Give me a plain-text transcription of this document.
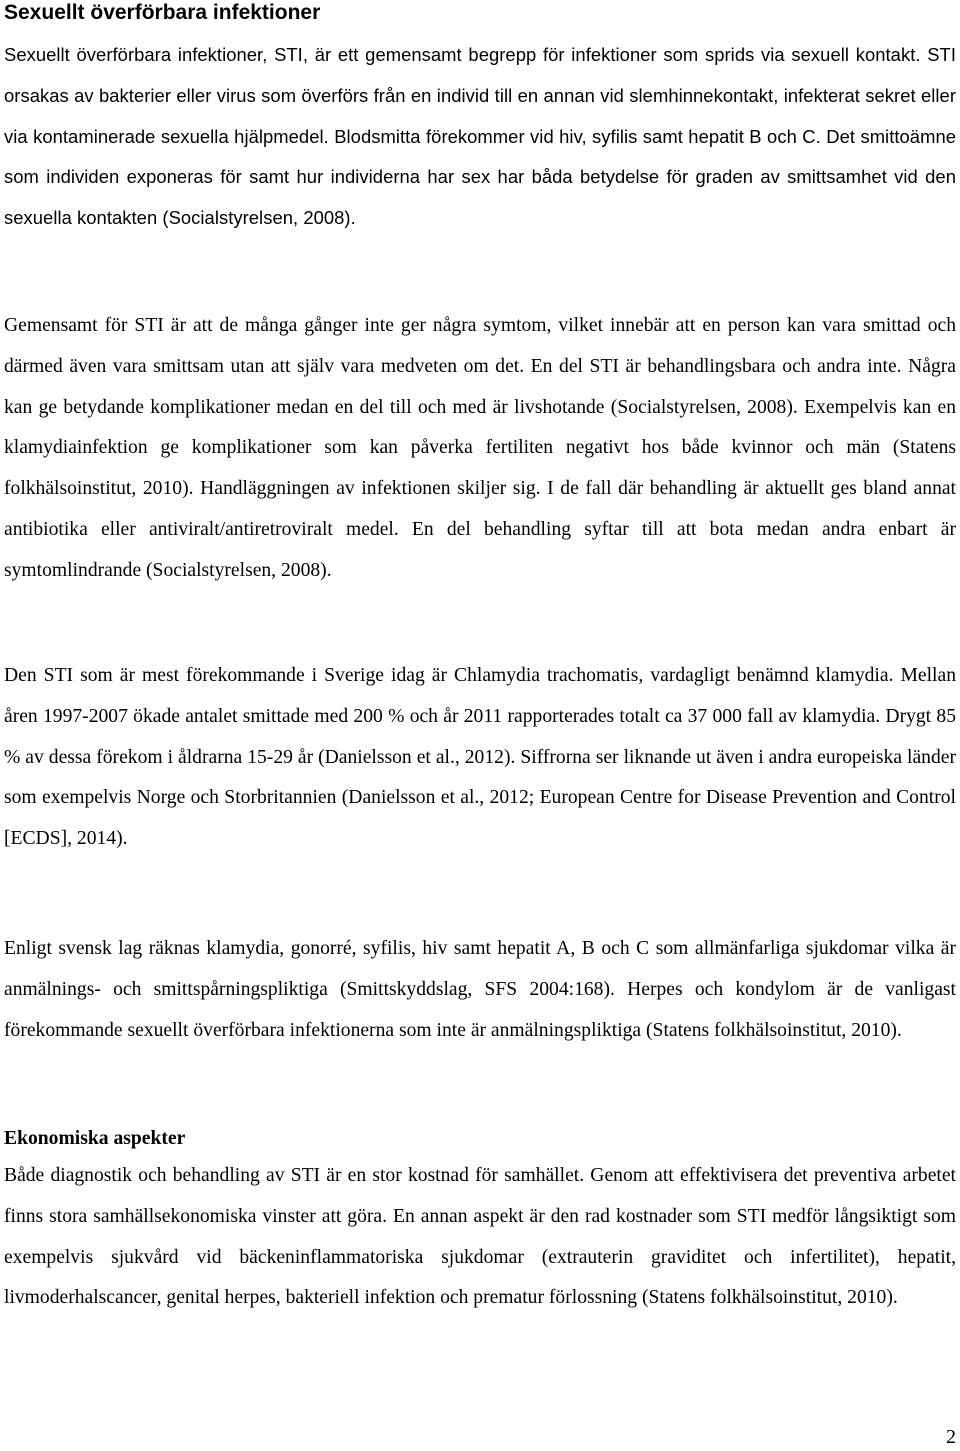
Sexuellt överförbara infektioner

Sexuellt överförbara infektioner, STI, är ett gemensamt begrepp för infektioner som sprids via sexuell kontakt. STI orsakas av bakterier eller virus som överförs från en individ till en annan vid slemhinnekontakt, infekterat sekret eller via kontaminerade sexuella hjälpmedel. Blodsmitta förekommer vid hiv, syfilis samt hepatit B och C. Det smittoämne som individen exponeras för samt hur individerna har sex har båda betydelse för graden av smittsamhet vid den sexuella kontakten (Socialstyrelsen, 2008).

Gemensamt för STI är att de många gånger inte ger några symtom, vilket innebär att en person kan vara smittad och därmed även vara smittsam utan att själv vara medveten om det. En del STI är behandlingsbara och andra inte. Några kan ge betydande komplikationer medan en del till och med är livshotande (Socialstyrelsen, 2008). Exempelvis kan en klamydiainfektion ge komplikationer som kan påverka fertiliten negativt hos både kvinnor och män (Statens folkhälsoinstitut, 2010). Handläggningen av infektionen skiljer sig. I de fall där behandling är aktuellt ges bland annat antibiotika eller antiviralt/antiretroviralt medel. En del behandling syftar till att bota medan andra enbart är symtomlindrande (Socialstyrelsen, 2008).

Den STI som är mest förekommande i Sverige idag är Chlamydia trachomatis, vardagligt benämnd klamydia. Mellan åren 1997-2007 ökade antalet smittade med 200 % och år 2011 rapporterades totalt ca 37 000 fall av klamydia. Drygt 85 % av dessa förekom i åldrarna 15-29 år (Danielsson et al., 2012). Siffrorna ser liknande ut även i andra europeiska länder som exempelvis Norge och Storbritannien (Danielsson et al., 2012; European Centre for Disease Prevention and Control [ECDS], 2014).

Enligt svensk lag räknas klamydia, gonorré, syfilis, hiv samt hepatit A, B och C som allmänfarliga sjukdomar vilka är anmälnings- och smittspårningspliktiga (Smittskyddslag, SFS 2004:168). Herpes och kondylom är de vanligast förekommande sexuellt överförbara infektionerna som inte är anmälningspliktiga (Statens folkhälsoinstitut, 2010).

Ekonomiska aspekter

Både diagnostik och behandling av STI är en stor kostnad för samhället. Genom att effektivisera det preventiva arbetet finns stora samhällsekonomiska vinster att göra. En annan aspekt är den rad kostnader som STI medför långsiktigt som exempelvis sjukvård vid bäckeninflammatoriska sjukdomar (extrauterin graviditet och infertilitet), hepatit, livmoderhalscancer, genital herpes, bakteriell infektion och prematur förlossning (Statens folkhälsoinstitut, 2010).

2
